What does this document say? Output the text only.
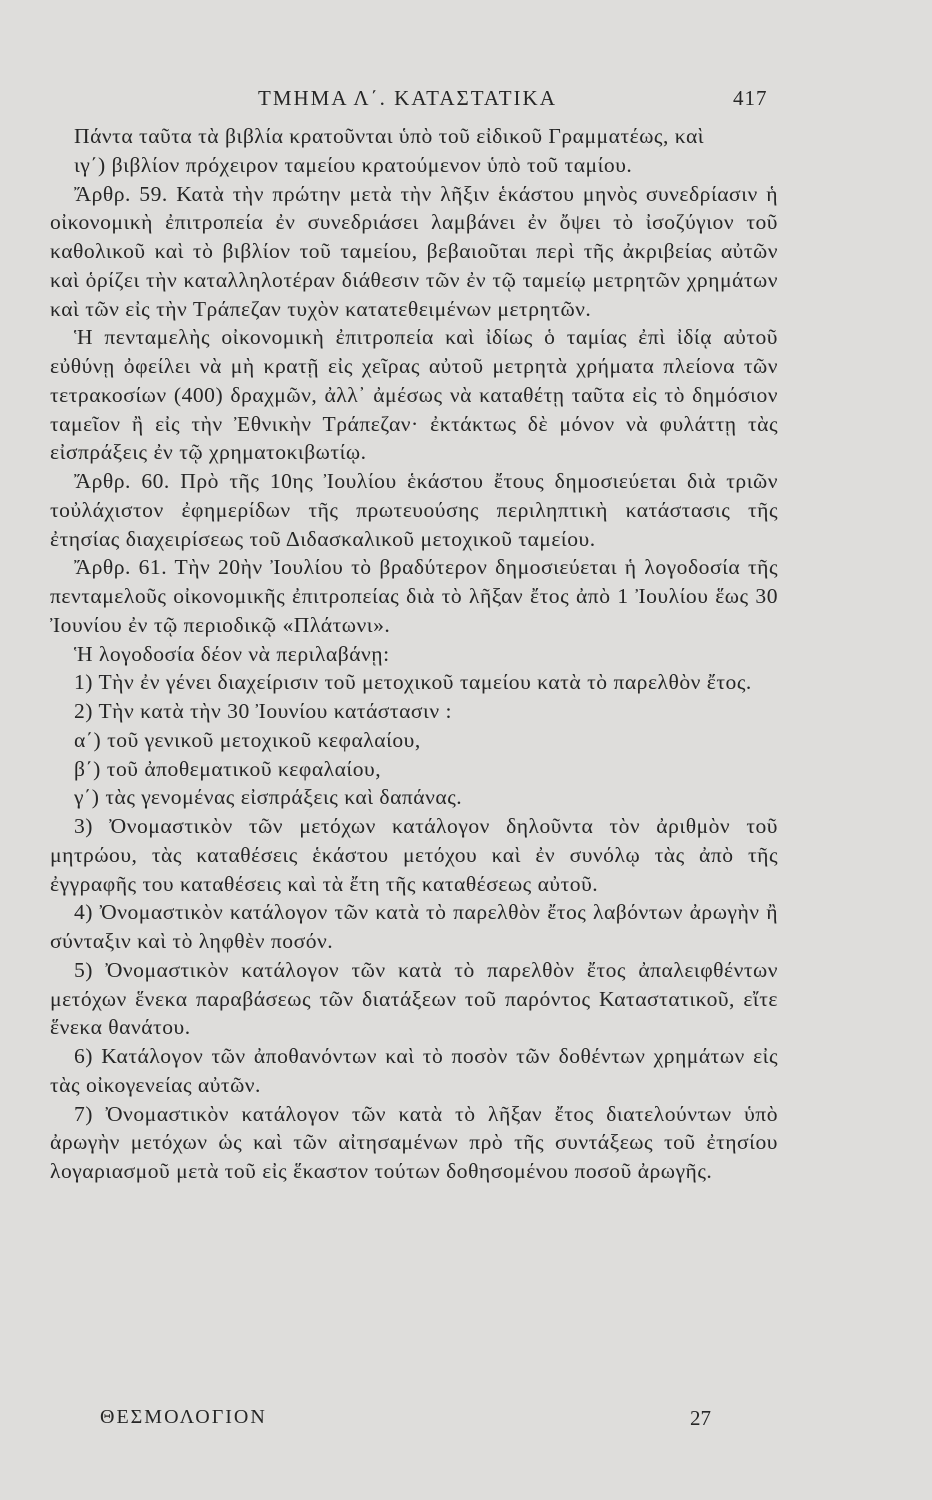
ΤΜΗΜΑ Λ΄. ΚΑΤΑΣΤΑΤΙΚΑ	417

Πάντα ταῦτα τὰ βιβλία κρατοῦνται ὑπὸ τοῦ εἰδικοῦ Γραμματέως, καὶ

ιγ΄) βιβλίον πρόχειρον ταμείου κρατούμενον ὑπὸ τοῦ ταμίου.

Ἄρθρ. 59. Κατὰ τὴν πρώτην μετὰ τὴν λῆξιν ἑκάστου μηνὸς συνεδρίασιν ἡ οἰκονομικὴ ἐπιτροπεία ἐν συνεδριάσει λαμβάνει ἐν ὄψει τὸ ἰσοζύγιον τοῦ καθολικοῦ καὶ τὸ βιβλίον τοῦ ταμείου, βεβαιοῦται περὶ τῆς ἀκριβείας αὐτῶν καὶ ὁρίζει τὴν καταλληλοτέραν διάθεσιν τῶν ἐν τῷ ταμείῳ μετρητῶν χρημάτων καὶ τῶν εἰς τὴν Τράπεζαν τυχὸν κατατεθειμένων μετρητῶν.

Ἡ πενταμελὴς οἰκονομικὴ ἐπιτροπεία καὶ ἰδίως ὁ ταμίας ἐπὶ ἰδίᾳ αὐτοῦ εὐθύνῃ ὀφείλει νὰ μὴ κρατῇ εἰς χεῖρας αὐτοῦ μετρητὰ χρήματα πλείονα τῶν τετρακοσίων (400) δραχμῶν, ἀλλ᾽ ἀμέσως νὰ καταθέτῃ ταῦτα εἰς τὸ δημόσιον ταμεῖον ἢ εἰς τὴν Ἐθνικὴν Τράπεζαν· ἐκτάκτως δὲ μόνον νὰ φυλάττῃ τὰς εἰσπράξεις ἐν τῷ χρηματοκιβωτίῳ.

Ἄρθρ. 60. Πρὸ τῆς 10ης Ἰουλίου ἑκάστου ἔτους δημοσιεύεται διὰ τριῶν τοὐλάχιστον ἐφημερίδων τῆς πρωτευούσης περιληπτικὴ κατάστασις τῆς ἐτησίας διαχειρίσεως τοῦ Διδασκαλικοῦ μετοχικοῦ ταμείου.

Ἄρθρ. 61. Τὴν 20ὴν Ἰουλίου τὸ βραδύτερον δημοσιεύεται ἡ λογοδοσία τῆς πενταμελοῦς οἰκονομικῆς ἐπιτροπείας διὰ τὸ λῆξαν ἔτος ἀπὸ 1 Ἰουλίου ἕως 30 Ἰουνίου ἐν τῷ περιοδικῷ «Πλάτωνι».

Ἡ λογοδοσία δέον νὰ περιλαβάνῃ:

1) Τὴν ἐν γένει διαχείρισιν τοῦ μετοχικοῦ ταμείου κατὰ τὸ παρελθὸν ἔτος.

2) Τὴν κατὰ τὴν 30 Ἰουνίου κατάστασιν :

α΄) τοῦ γενικοῦ μετοχικοῦ κεφαλαίου,

β΄) τοῦ ἀποθεματικοῦ κεφαλαίου,

γ΄) τὰς γενομένας εἰσπράξεις καὶ δαπάνας.

3) Ὀνομαστικὸν τῶν μετόχων κατάλογον δηλοῦντα τὸν ἀριθμὸν τοῦ μητρώου, τὰς καταθέσεις ἑκάστου μετόχου καὶ ἐν συνόλῳ τὰς ἀπὸ τῆς ἐγγραφῆς του καταθέσεις καὶ τὰ ἔτη τῆς καταθέσεως αὐτοῦ.

4) Ὀνομαστικὸν κατάλογον τῶν κατὰ τὸ παρελθὸν ἔτος λαβόντων ἀρωγὴν ἢ σύνταξιν καὶ τὸ ληφθὲν ποσόν.

5) Ὀνομαστικὸν κατάλογον τῶν κατὰ τὸ παρελθὸν ἔτος ἀπαλειφθέντων μετόχων ἕνεκα παραβάσεως τῶν διατάξεων τοῦ παρόντος Καταστατικοῦ, εἴτε ἕνεκα θανάτου.

6) Κατάλογον τῶν ἀποθανόντων καὶ τὸ ποσὸν τῶν δοθέντων χρημάτων εἰς τὰς οἰκογενείας αὐτῶν.

7) Ὀνομαστικὸν κατάλογον τῶν κατὰ τὸ λῆξαν ἔτος διατελούντων ὑπὸ ἀρωγὴν μετόχων ὡς καὶ τῶν αἰτησαμένων πρὸ τῆς συντάξεως τοῦ ἐτησίου λογαριασμοῦ μετὰ τοῦ εἰς ἕκαστον τούτων δοθησομένου ποσοῦ ἀρωγῆς.

ΘΕΣΜΟΛΟΓΙΟΝ	27
